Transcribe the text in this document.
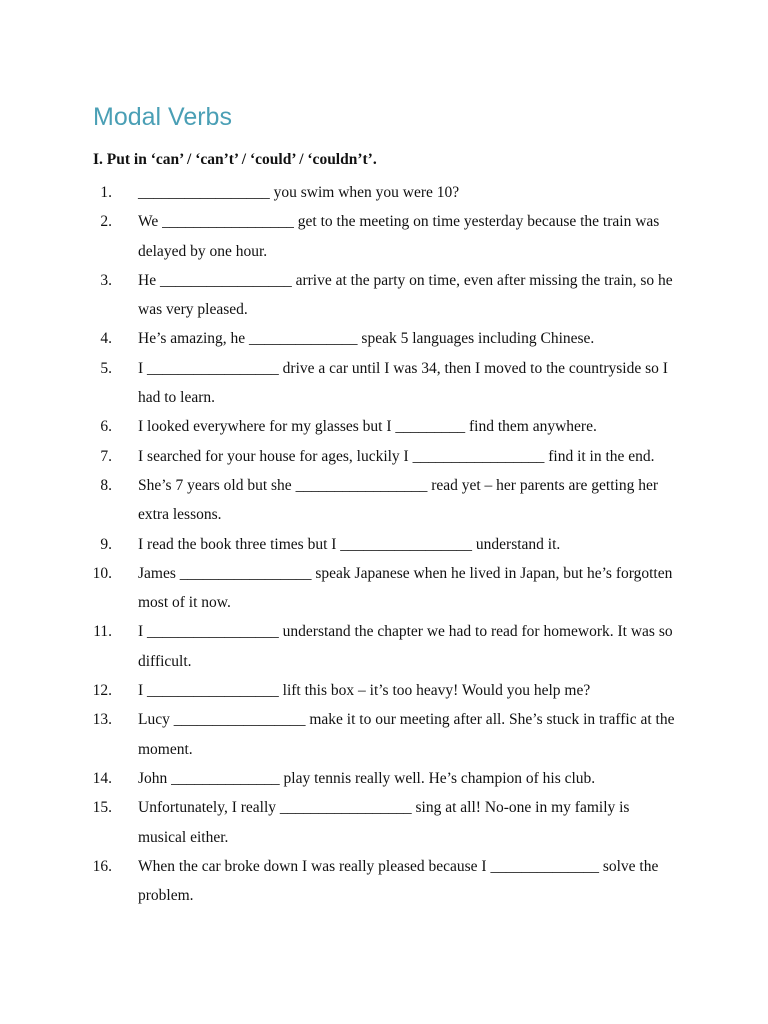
Modal Verbs
I. Put in ‘can’ / ‘can’t’ / ‘could’ / ‘couldn’t’.
1. _________________ you swim when you were 10?
2. We _________________ get to the meeting on time yesterday because the train was delayed by one hour.
3. He _________________ arrive at the party on time, even after missing the train, so he was very pleased.
4. He’s amazing, he ______________ speak 5 languages including Chinese.
5. I _________________ drive a car until I was 34, then I moved to the countryside so I had to learn.
6. I looked everywhere for my glasses but I _________ find them anywhere.
7. I searched for your house for ages, luckily I _________________ find it in the end.
8. She’s 7 years old but she _________________ read yet – her parents are getting her extra lessons.
9. I read the book three times but I _________________ understand it.
10. James _________________ speak Japanese when he lived in Japan, but he’s forgotten most of it now.
11. I _________________ understand the chapter we had to read for homework. It was so difficult.
12. I _________________ lift this box – it’s too heavy! Would you help me?
13. Lucy _________________ make it to our meeting after all. She’s stuck in traffic at the moment.
14. John ______________ play tennis really well. He’s champion of his club.
15. Unfortunately, I really _________________ sing at all! No-one in my family is musical either.
16. When the car broke down I was really pleased because I ______________ solve the problem.
